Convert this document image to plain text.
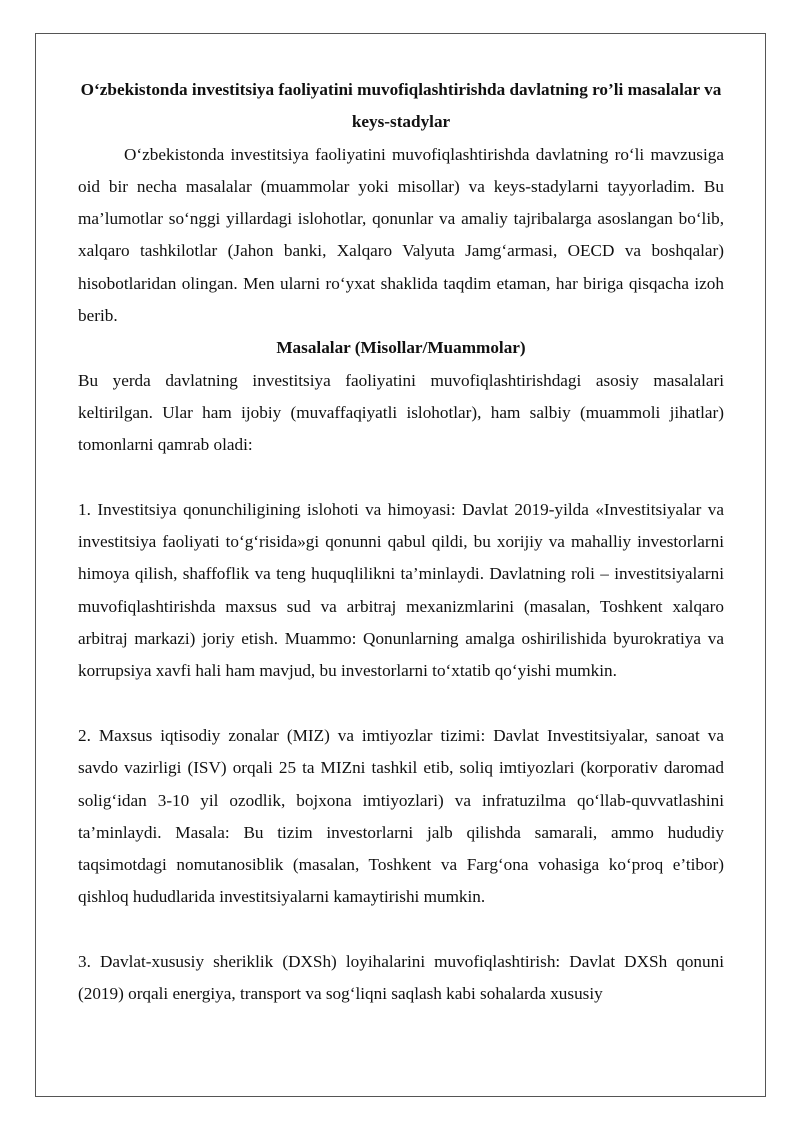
O‘zbekistonda investitsiya faoliyatini muvofiqlashtirishda davlatning ro’li masalalar va keys-stadylar

O‘zbekistonda investitsiya faoliyatini muvofiqlashtirishda davlatning ro‘li mavzusiga oid bir necha masalalar (muammolar yoki misollar) va keys-stadylarni tayyorladim. Bu ma’lumotlar so‘nggi yillardagi islohotlar, qonunlar va amaliy tajribalarga asoslangan bo‘lib, xalqaro tashkilotlar (Jahon banki, Xalqaro Valyuta Jamg‘armasi, OECD va boshqalar) hisobotlaridan olingan. Men ularni ro‘yxat shaklida taqdim etaman, har biriga qisqacha izoh berib.

Masalalar (Misollar/Muammolar)

Bu yerda davlatning investitsiya faoliyatini muvofiqlashtirishdagi asosiy masalalari keltirilgan. Ular ham ijobiy (muvaffaqiyatli islohotlar), ham salbiy (muammoli jihatlar) tomonlarni qamrab oladi:

1. Investitsiya qonunchiligining islohoti va himoyasi: Davlat 2019-yilda «Investitsiyalar va investitsiya faoliyati to‘g‘risida»gi qonunni qabul qildi, bu xorijiy va mahalliy investorlarni himoya qilish, shaffoflik va teng huquqlilikni ta’minlaydi. Davlatning roli – investitsiyalarni muvofiqlashtirishda maxsus sud va arbitraj mexanizmlarini (masalan, Toshkent xalqaro arbitraj markazi) joriy etish. Muammo: Qonunlarning amalga oshirilishida byurokratiya va korrupsiya xavfi hali ham mavjud, bu investorlarni to‘xtatib qo‘yishi mumkin.

2. Maxsus iqtisodiy zonalar (MIZ) va imtiyozlar tizimi: Davlat Investitsiyalar, sanoat va savdo vazirligi (ISV) orqali 25 ta MIZni tashkil etib, soliq imtiyozlari (korporativ daromad solig‘idan 3-10 yil ozodlik, bojxona imtiyozlari) va infratuzilma qo‘llab-quvvatlashini ta’minlaydi. Masala: Bu tizim investorlarni jalb qilishda samarali, ammo hududiy taqsimotdagi nomutanosiblik (masalan, Toshkent va Farg‘ona vohasiga ko‘proq e’tibor) qishloq hududlarida investitsiyalarni kamaytirishi mumkin.

3. Davlat-xususiy sheriklik (DXSh) loyihalarini muvofiqlashtirish: Davlat DXSh qonuni (2019) orqali energiya, transport va sog‘liqni saqlash kabi sohalarda xususiy
